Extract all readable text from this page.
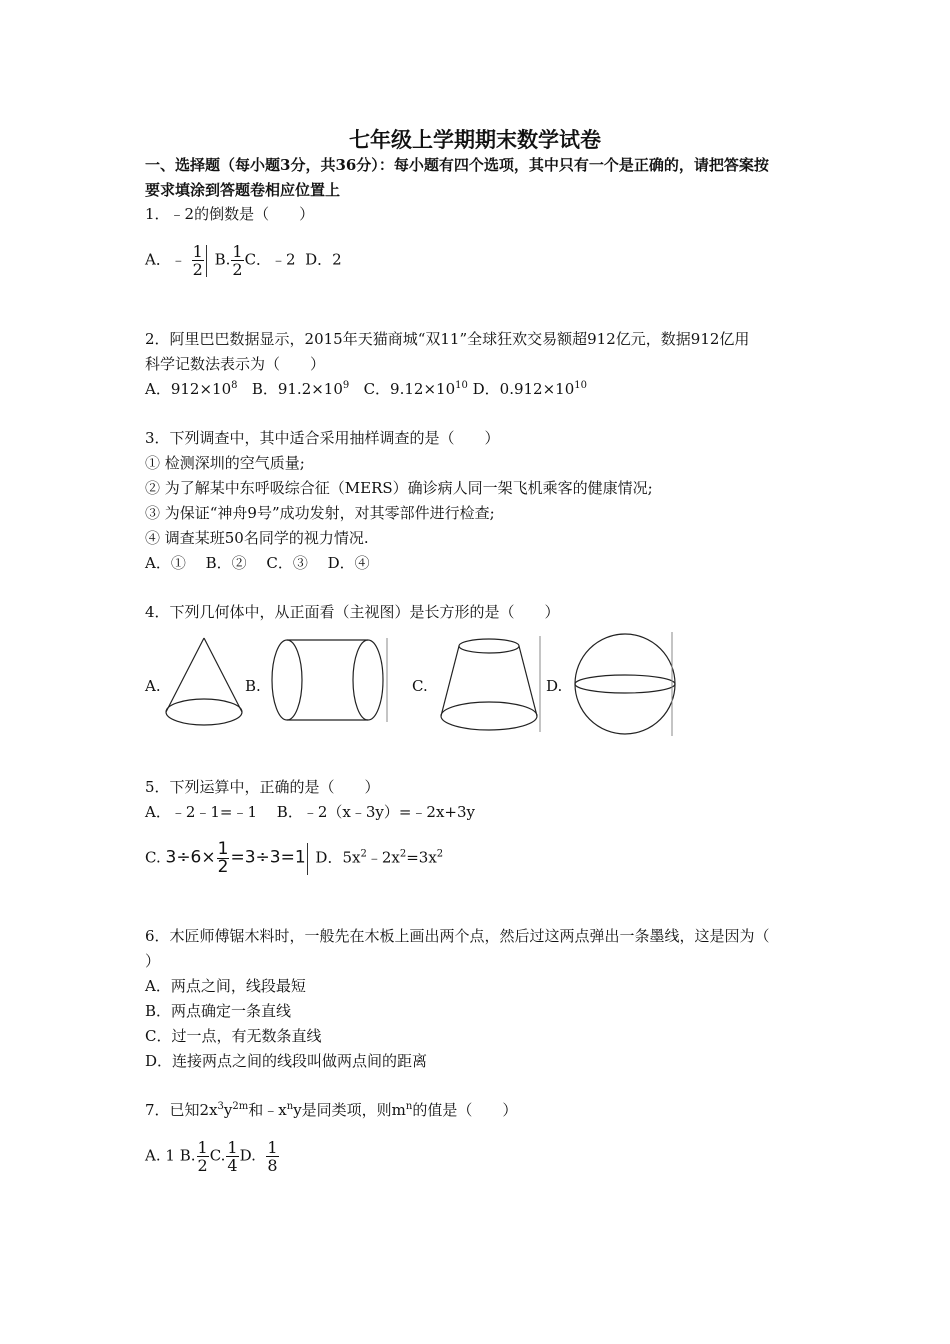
七年级上学期期末数学试卷
一、选择题（每小题3分，共36分）：每小题有四个选项，其中只有一个是正确的，请把答案按
要求填涂到答题卷相应位置上
1．﹣2的倒数是（　　）
A．﹣ $\frac{1}{2} B$. $\frac{1}{2}$ C．﹣2 D．2
2．阿里巴巴数据显示，2015年天猫商城“双11”全球狂欢交易额超912亿元，数据912亿用
科学记数法表示为（　　）
A．$912\times 10^8$ B．$91.2\times 10^9$ C．$9.12\times 10^{10}$ D．$0.912\times 10^{10}$
3．下列调查中，其中适合采用抽样调查的是（　　）
① 检测深圳的空气质量;
② 为了解某中东呼吸综合征（MERS）确诊病人同一架飞机乘客的健康情况;
③ 为保证“神舟9号”成功发射，对其零部件进行检查;
④ 调查某班50名同学的视力情况.
A．①　 B．②　 C．③　 D．④
4．下列几何体中，从正面看（主视图）是长方形的是（　　）
A.	B.	C.	D.
5．下列运算中，正确的是（　　）
A．﹣2﹣1=﹣1　 B．﹣2（x﹣3y）=﹣2x+3y
C. $3\div 6\times \frac{1}{2} =3\div 3=1$ D．$5x^2﹣2x^2=3x^2$
6．木匠师傅锯木料时，一般先在木板上画出两个点，然后过这两点弹出一条墨线，这是因为（
）
A．两点之间，线段最短
B．两点确定一条直线
C．过一点，有无数条直线
D．连接两点之间的线段叫做两点间的距离
7．已知$2x^3y^{2m}$和$﹣x^ny$是同类项，则$m^n$的值是（　　）
A. 1 B. $\frac{1}{2} C$. $\frac{1}{4} D$. $\frac{1}{8}$
